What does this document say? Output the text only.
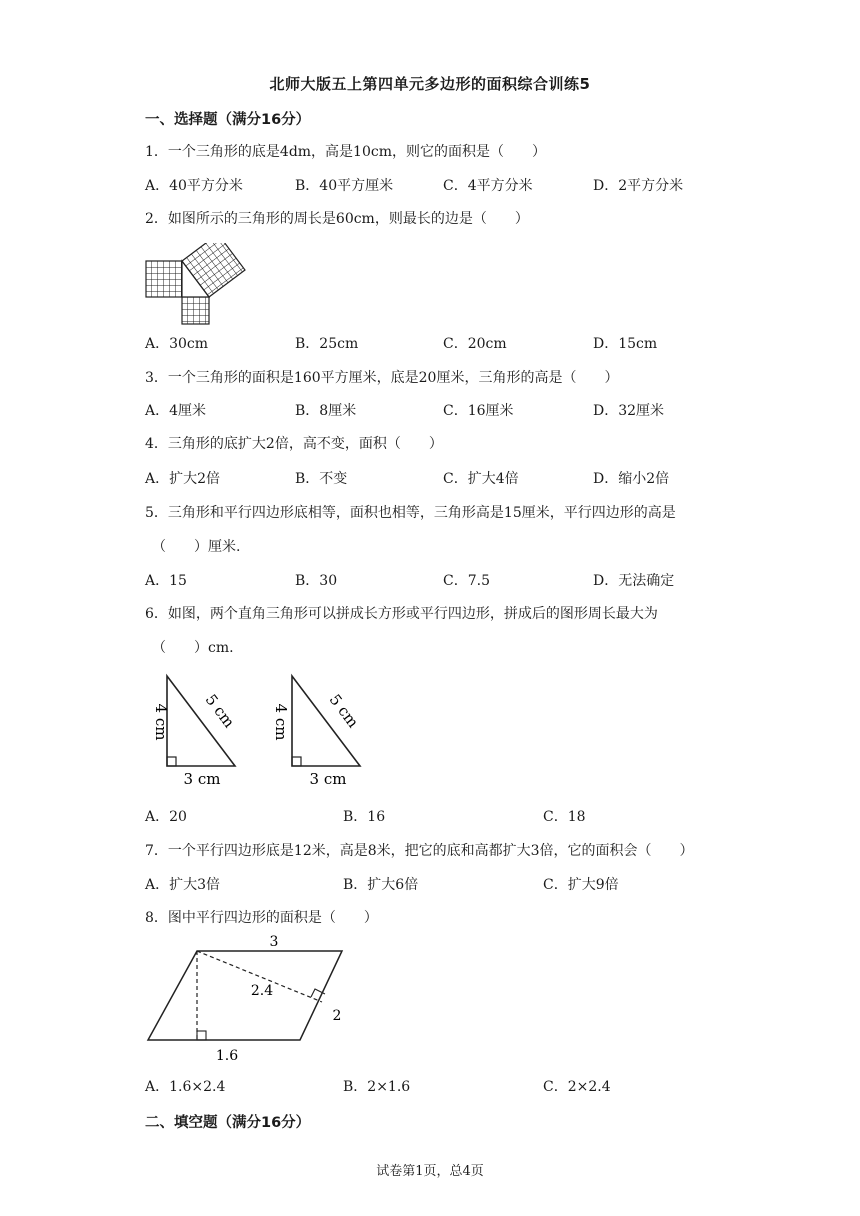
北师大版五上第四单元多边形的面积综合训练5
一、选择题（满分16分）
1．一个三角形的底是4dm，高是10cm，则它的面积是（　　）
A．40平方分米	B．40平方厘米	C．4平方分米	D．2平方分米
2．如图所示的三角形的周长是60cm，则最长的边是（　　）
A．30cm	B．25cm	C．20cm	D．15cm
3．一个三角形的面积是160平方厘米，底是20厘米，三角形的高是（　　）
A．4厘米	B．8厘米	C．16厘米	D．32厘米
4．三角形的底扩大2倍，高不变，面积（　　）
A．扩大2倍	B．不变	C．扩大4倍	D．缩小2倍
5．三角形和平行四边形底相等，面积也相等，三角形高是15厘米，平行四边形的高是
（　　）厘米.
A．15	B．30	C．7.5	D．无法确定
6．如图，两个直角三角形可以拼成长方形或平行四边形，拼成后的图形周长最大为
（　　）cm.
4 cm 5 cm
3 cm
4 cm 5 cm
3 cm
A．20	B．16	C．18
7．一个平行四边形底是12米，高是8米，把它的底和高都扩大3倍，它的面积会（　　）
A．扩大3倍	B．扩大6倍	C．扩大9倍
8．图中平行四边形的面积是（　　）
3
2.4
2
1.6
A．1.6×2.4	B．2×1.6	C．2×2.4
二、填空题（满分16分）
试卷第1页，总4页
